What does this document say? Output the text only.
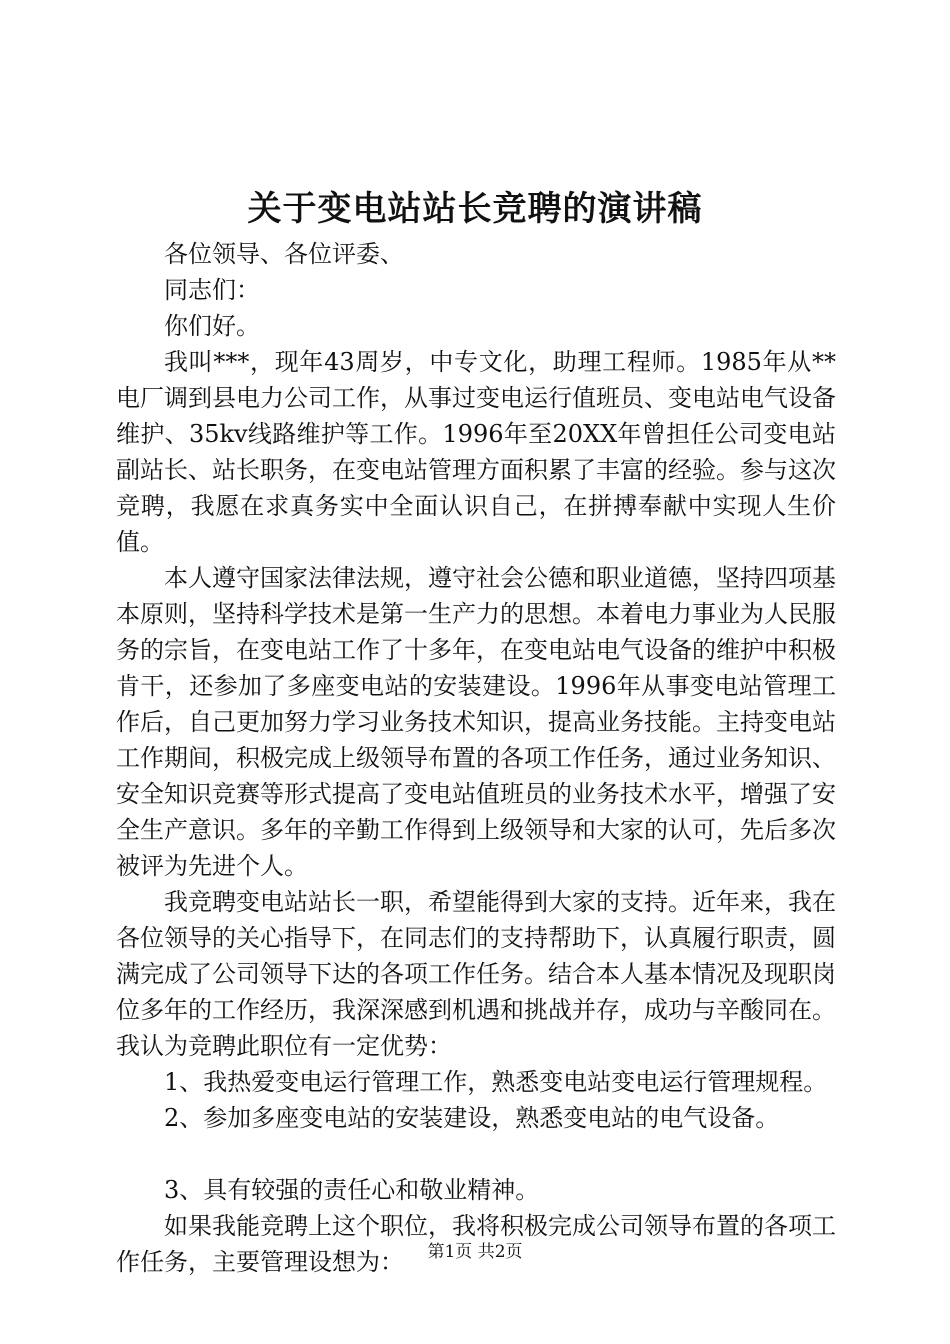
关于变电站站长竞聘的演讲稿

各位领导、各位评委、

同志们：

你们好。

我叫***，现年43周岁，中专文化，助理工程师。1985年从**电厂调到县电力公司工作，从事过变电运行值班员、变电站电气设备维护、35kv线路维护等工作。1996年至20XX年曾担任公司变电站副站长、站长职务，在变电站管理方面积累了丰富的经验。参与这次竞聘，我愿在求真务实中全面认识自己，在拼搏奉献中实现人生价值。

本人遵守国家法律法规，遵守社会公德和职业道德，坚持四项基本原则，坚持科学技术是第一生产力的思想。本着电力事业为人民服务的宗旨，在变电站工作了十多年，在变电站电气设备的维护中积极肯干，还参加了多座变电站的安装建设。1996年从事变电站管理工作后，自己更加努力学习业务技术知识，提高业务技能。主持变电站工作期间，积极完成上级领导布置的各项工作任务，通过业务知识、安全知识竞赛等形式提高了变电站值班员的业务技术水平，增强了安全生产意识。多年的辛勤工作得到上级领导和大家的认可，先后多次被评为先进个人。

我竞聘变电站站长一职，希望能得到大家的支持。近年来，我在各位领导的关心指导下，在同志们的支持帮助下，认真履行职责，圆满完成了公司领导下达的各项工作任务。结合本人基本情况及现职岗位多年的工作经历，我深深感到机遇和挑战并存，成功与辛酸同在。我认为竞聘此职位有一定优势：

1、我热爱变电运行管理工作，熟悉变电站变电运行管理规程。

2、参加多座变电站的安装建设，熟悉变电站的电气设备。

3、具有较强的责任心和敬业精神。

如果我能竞聘上这个职位，我将积极完成公司领导布置的各项工作任务，主要管理设想为：	第1页 共2页
